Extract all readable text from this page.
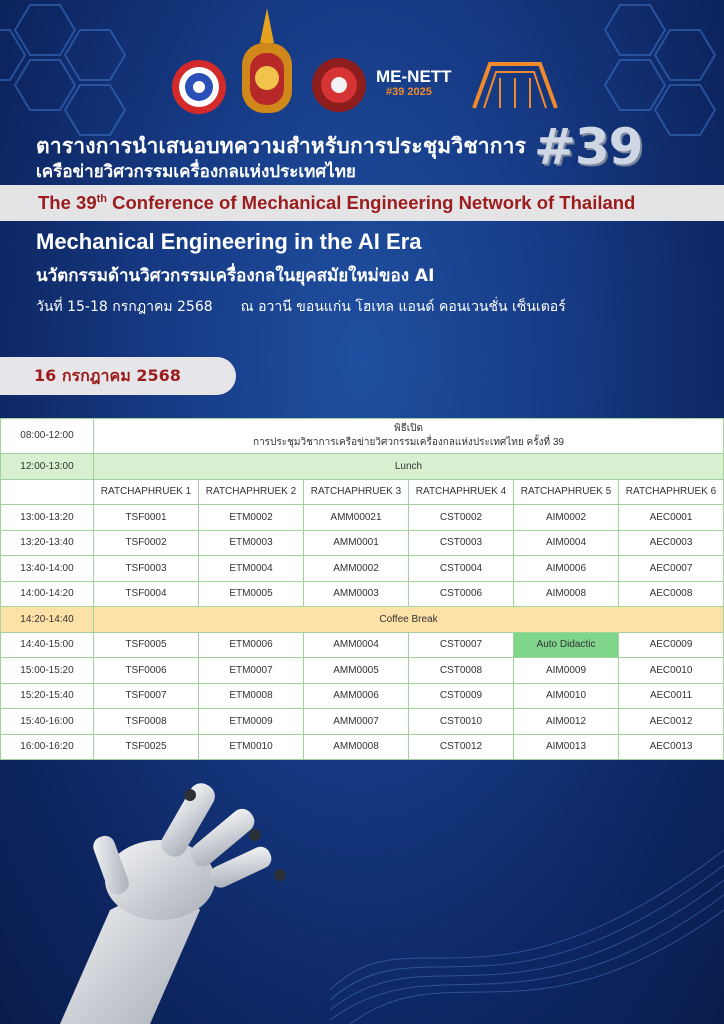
ME-NETT
#39 2025
ตารางการนำเสนอบทความสำหรับการประชุมวิชาการ
เครือข่ายวิศวกรรมเครื่องกลแห่งประเทศไทย	#39
The 39th Conference of Mechanical Engineering Network of Thailand
Mechanical Engineering in the AI Era
นวัตกรรมด้านวิศวกรรมเครื่องกลในยุคสมัยใหม่ของ AI
วันที่ 15-18 กรกฎาคม 2568 ณ อวานี ขอนแก่น โฮเทล แอนด์ คอนเวนชั่น เซ็นเตอร์
16 กรกฎาคม 2568
08:00-12:00	พิธีเปิด
การประชุมวิชาการเครือข่ายวิศวกรรมเครื่องกลแห่งประเทศไทย ครั้งที่ 39					

12:00-13:00	Lunch					
	RATCHAPHRUEK 1	RATCHAPHRUEK 2	RATCHAPHRUEK 3	RATCHAPHRUEK 4	RATCHAPHRUEK 5	RATCHAPHRUEK 6
13:00-13:20	TSF0001	ETM0002	AMM00021	CST0002	AIM0002	AEC0001
13:20-13:40	TSF0002	ETM0003	AMM0001	CST0003	AIM0004	AEC0003
13:40-14:00	TSF0003	ETM0004	AMM0002	CST0004	AIM0006	AEC0007
14:00-14:20	TSF0004	ETM0005	AMM0003	CST0006	AIM0008	AEC0008
14:20-14:40	Coffee Break					
14:40-15:00	TSF0005	ETM0006	AMM0004	CST0007	Auto Didactic	AEC0009
15:00-15:20	TSF0006	ETM0007	AMM0005	CST0008	AIM0009	AEC0010
15:20-15:40	TSF0007	ETM0008	AMM0006	CST0009	AIM0010	AEC0011
15:40-16:00	TSF0008	ETM0009	AMM0007	CST0010	AIM0012	AEC0012
16:00-16:20	TSF0025	ETM0010	AMM0008	CST0012	AIM0013	AEC0013
